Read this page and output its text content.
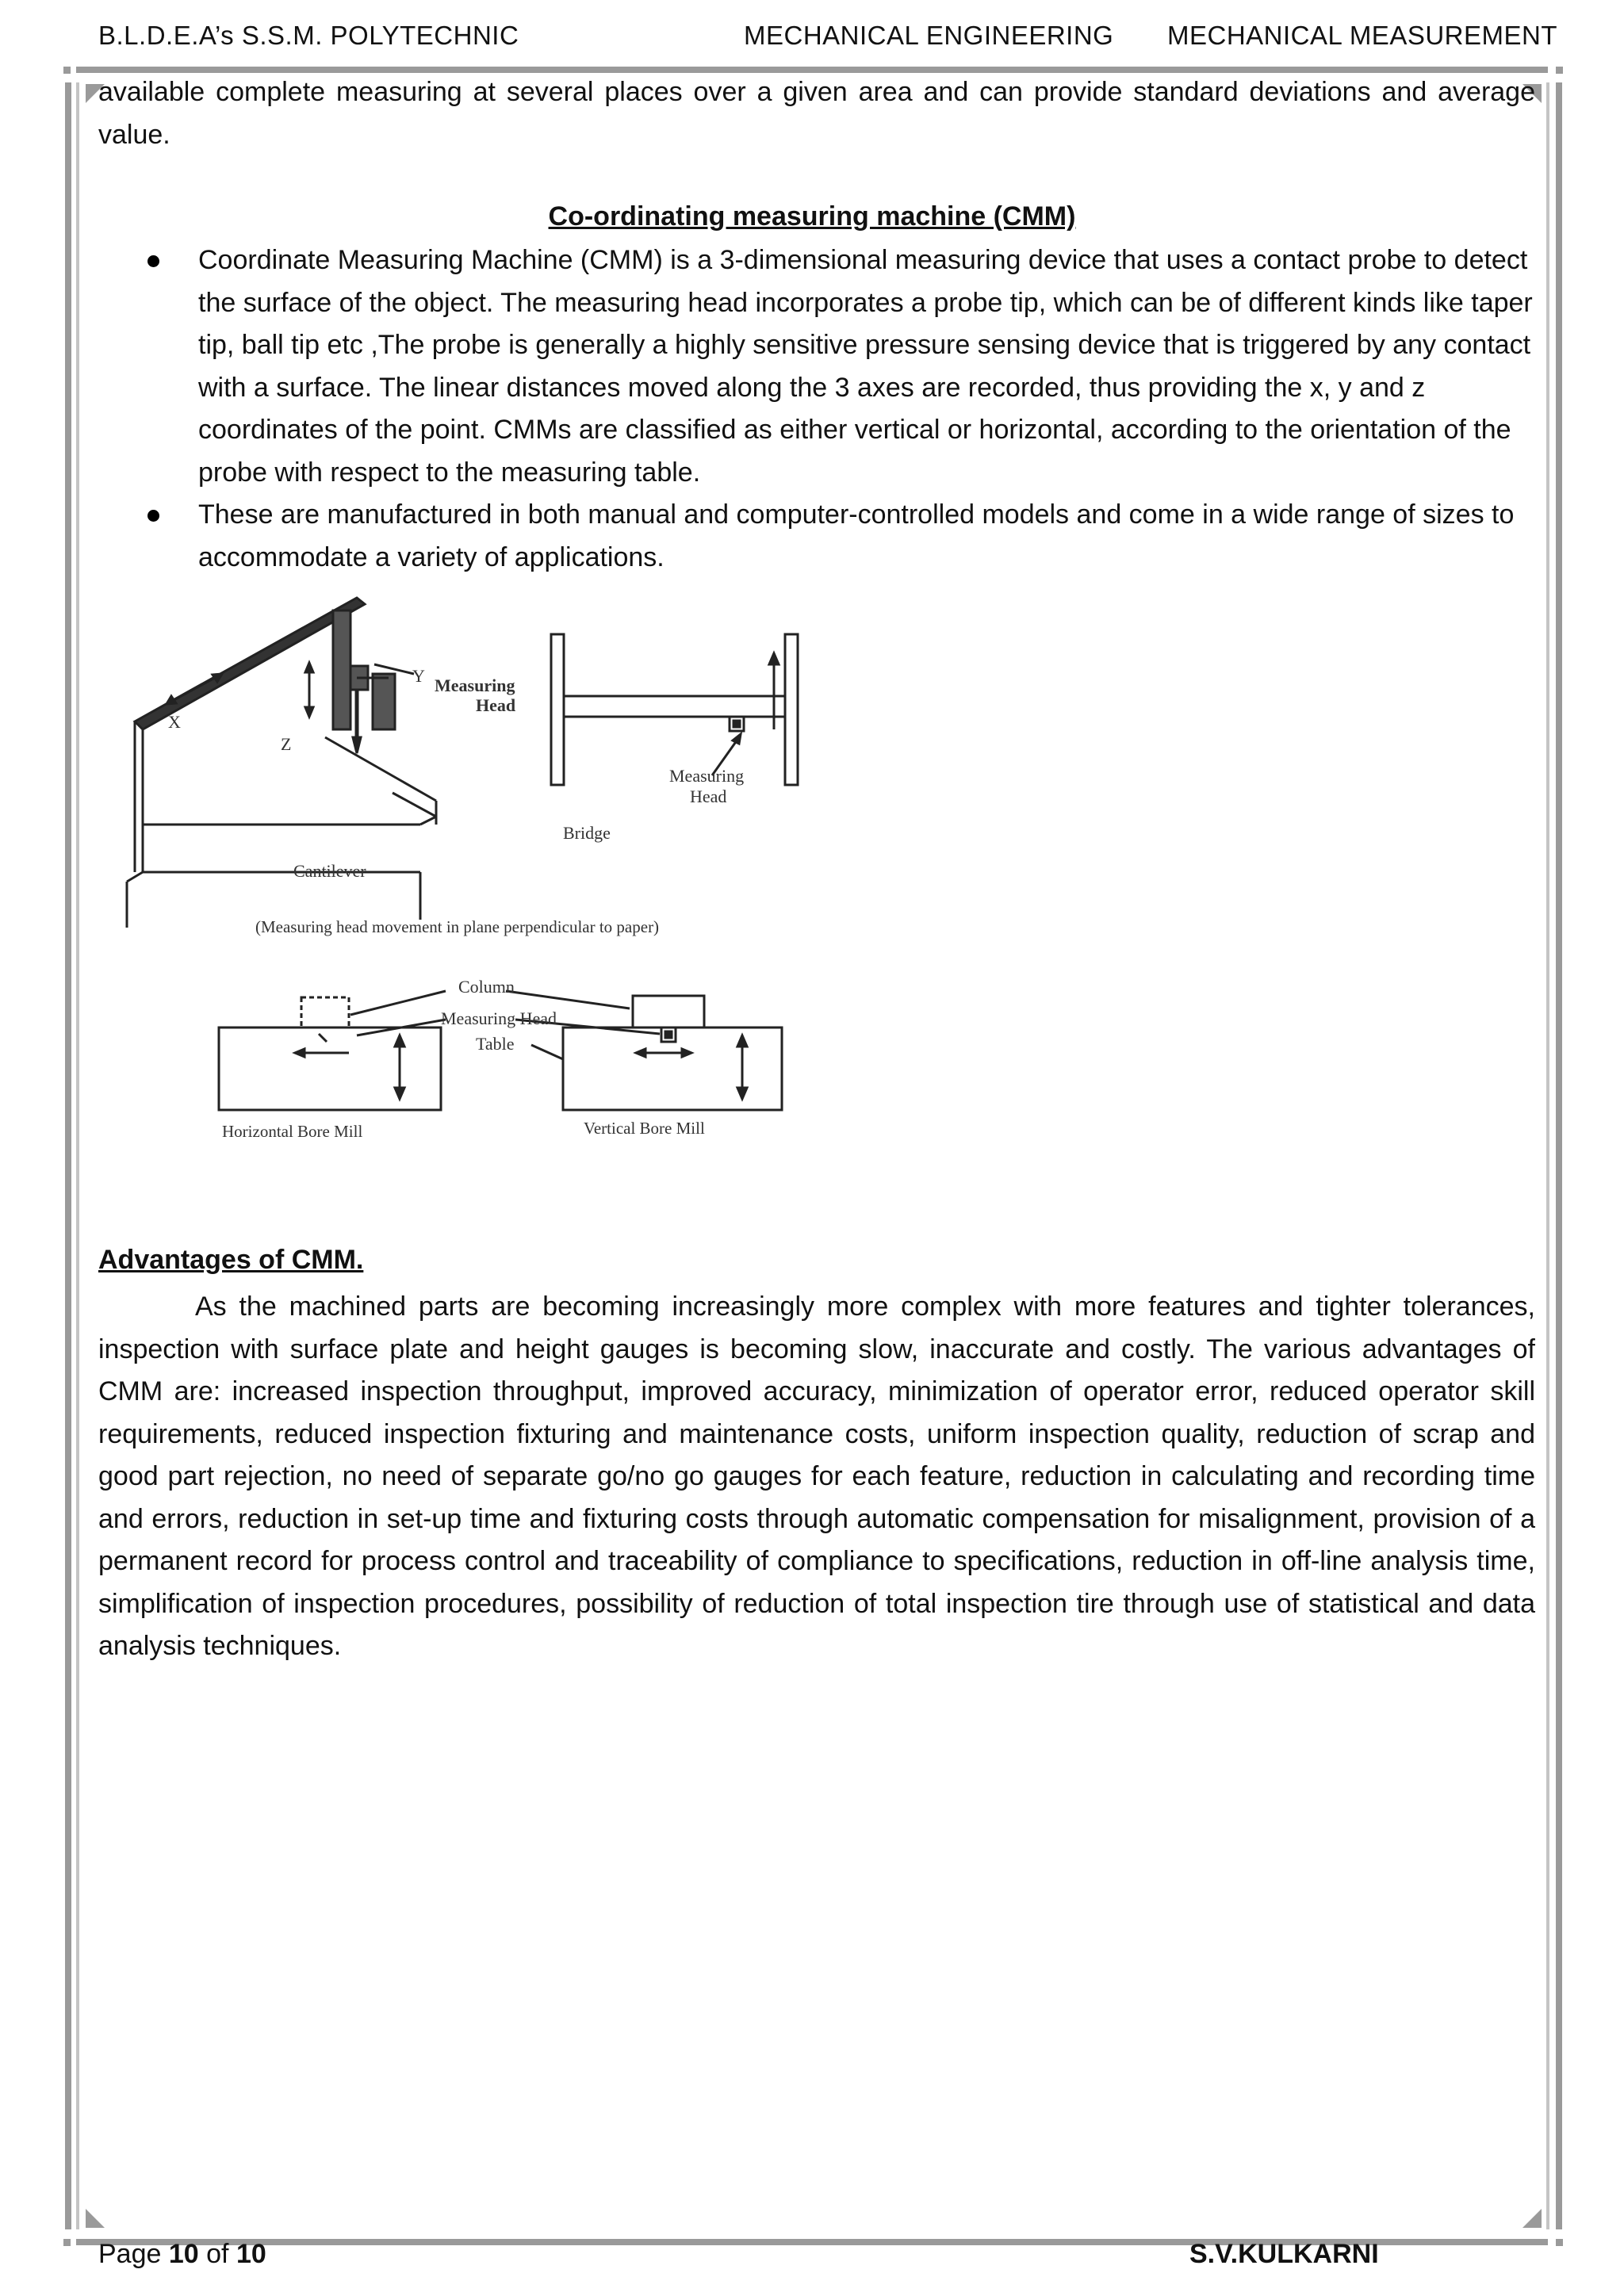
B.L.D.E.A’s S.S.M. POLYTECHNIC	MECHANICAL ENGINEERING MECHANICAL MEASUREMENT

available complete measuring at several places over a given area and can provide standard deviations and average value.

Co-ordinating measuring machine (CMM)
Coordinate Measuring Machine (CMM) is a 3-dimensional measuring device that uses a contact probe to detect the surface of the object. The measuring head incorporates a probe tip, which can be of different kinds like taper tip, ball tip etc ,The probe is generally a highly sensitive pressure sensing device that is triggered by any contact with a surface. The linear distances moved along the 3 axes are recorded, thus providing the x, y and z coordinates of the point. CMMs are classified as either vertical or horizontal, according to the orientation of the probe with respect to the measuring table.
These are manufactured in both manual and computer-controlled models and come in a wide range of sizes to accommodate a variety of applications.
X
Y
Z
Measuring
Head
Cantilever
Measuring
Head
Bridge
(Measuring head movement in plane perpendicular to paper)
Column
Measuring Head
Table
Horizontal Bore Mill	Vertical Bore Mill
Advantages of CMM.

As the machined parts are becoming increasingly more complex with more features and tighter tolerances, inspection with surface plate and height gauges is becoming slow, inaccurate and costly. The various advantages of CMM are: increased inspection throughput, improved accuracy, minimization of operator error, reduced operator skill requirements, reduced inspection fixturing and maintenance costs, uniform inspection quality, reduction of scrap and good part rejection, no need of separate go/no go gauges for each feature, reduction in calculating and recording time and errors, reduction in set-up time and fixturing costs through automatic compensation for misalignment, provision of a permanent record for process control and traceability of compliance to specifications, reduction in off-line analysis time, simplification of inspection procedures, possibility of reduction of total inspection tire through use of statistical and data analysis techniques.

Page 10 of 10	S.V.KULKARNI
